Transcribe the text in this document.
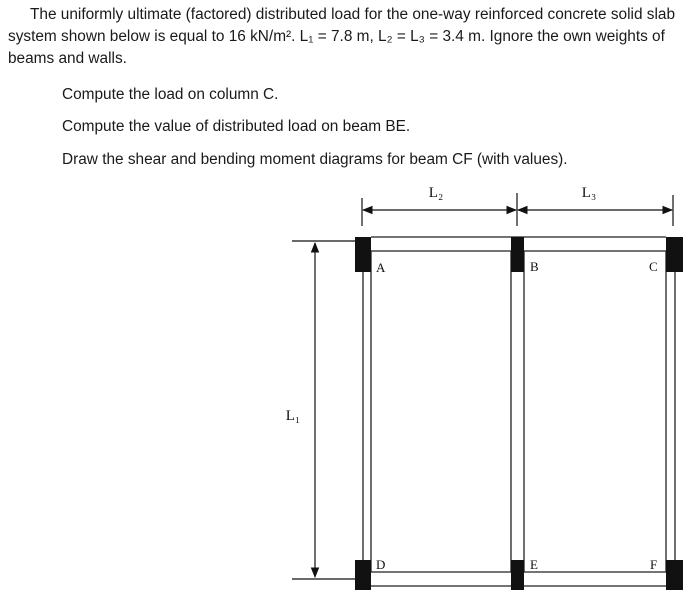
The uniformly ultimate (factored) distributed load for the one-way reinforced concrete solid slab system shown below is equal to 16 kN/m². L₁ = 7.8 m, L₂ = L₃ = 3.4 m. Ignore the own weights of beams and walls.

Compute the load on column C.

Compute the value of distributed load on beam BE.

Draw the shear and bending moment diagrams for beam CF (with values).

L₂	L₃
L₁
A	B	C
D	E	F
